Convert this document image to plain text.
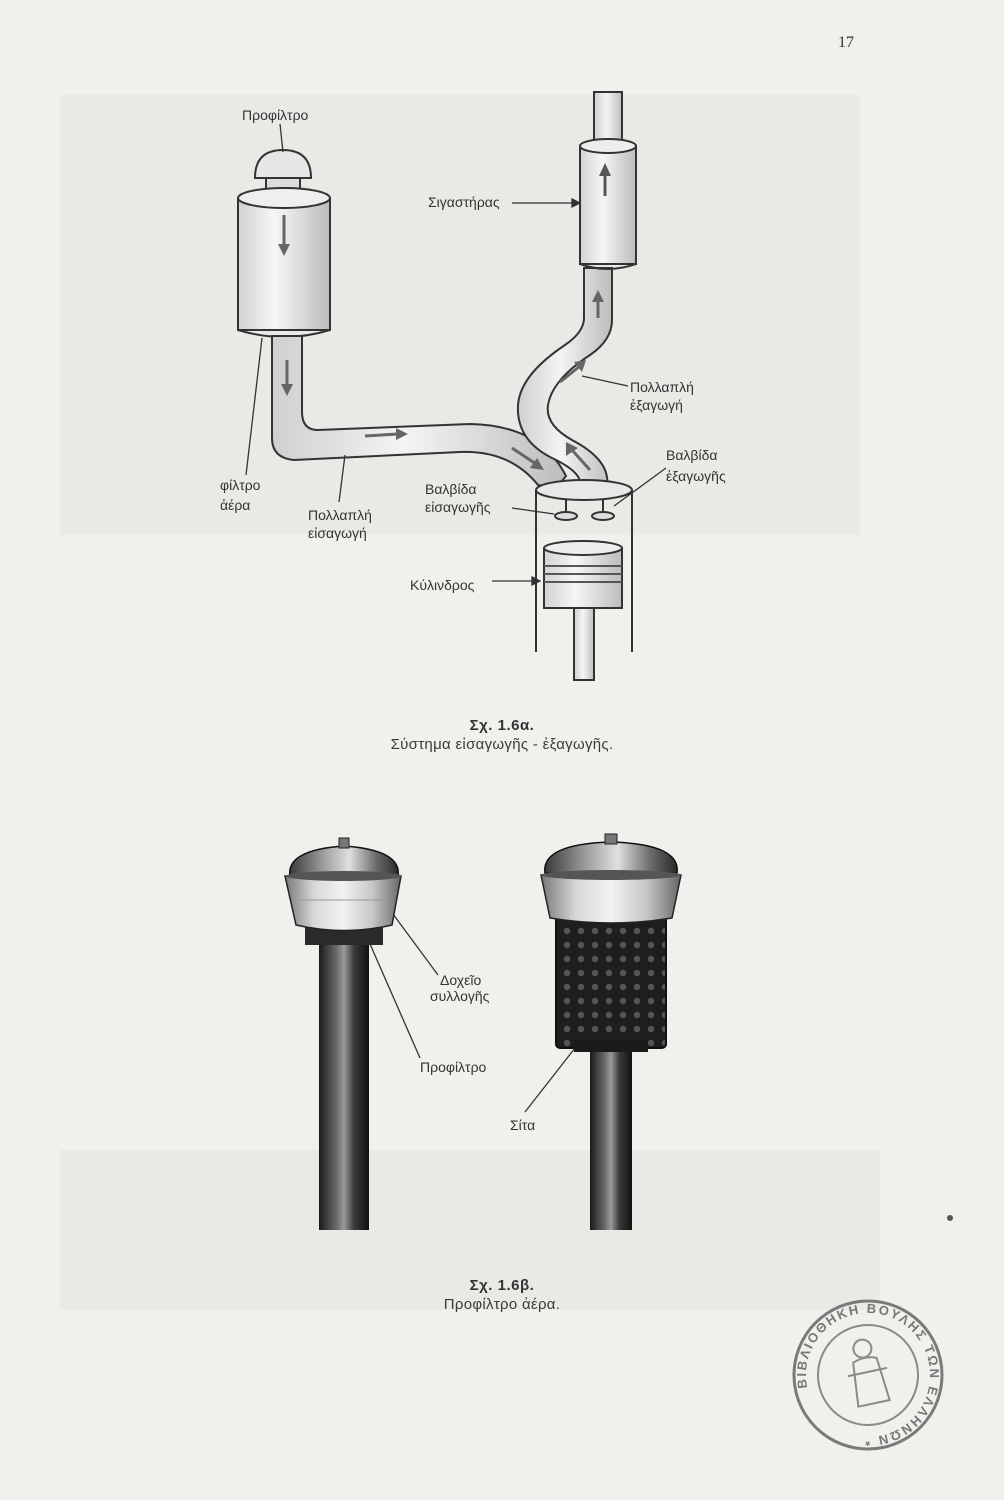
17
Προφίλτρο
Σιγαστήρας
Πολλαπλή
ἐξαγωγή
Βαλβίδα
ἐξαγωγῆς
φίλτρο
ἀέρα
Πολλαπλή
εἰσαγωγή
Βαλβίδα
εἰσαγωγῆς
Κύλινδρος
Δοχεῖο
συλλογῆς
Προφίλτρο
Σίτα
ΒΙΒΛΙΟΘΗΚΗ ΒΟΥΛΗΣ ΤΩΝ ΕΛΛΗΝΩΝ *
Σχ. 1.6α.
Σύστημα εἰσαγωγῆς - ἐξαγωγῆς.
Σχ. 1.6β.
Προφίλτρο ἀέρα.
